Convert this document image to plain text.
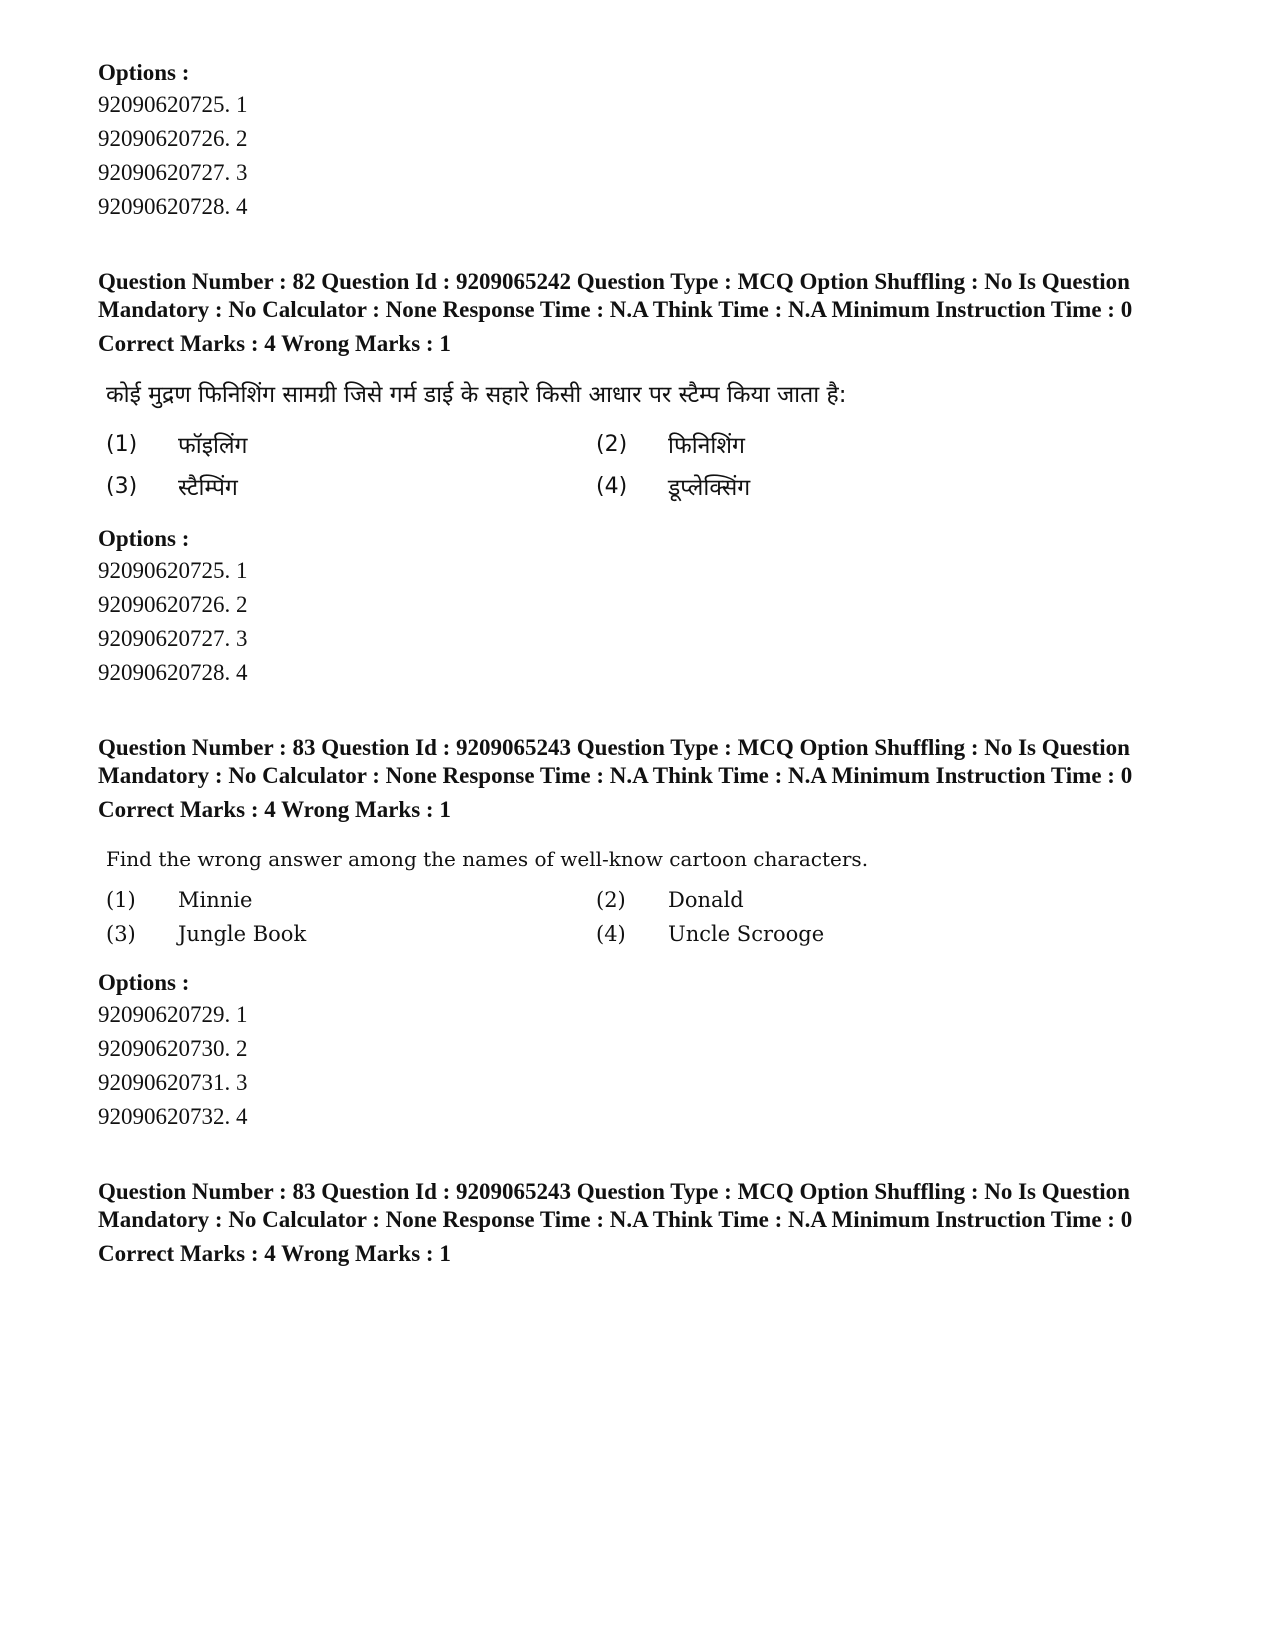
Options :

92090620725. 1

92090620726. 2

92090620727. 3

92090620728. 4

Question Number : 82 Question Id : 9209065242 Question Type : MCQ Option Shuffling : No Is Question Mandatory : No Calculator : None Response Time : N.A Think Time : N.A Minimum Instruction Time : 0

Correct Marks : 4 Wrong Marks : 1

कोई मुद्रण फिनिशिंग सामग्री जिसे गर्म डाई के सहारे किसी आधार पर स्टैम्प किया जाता है:

(1)	फॉइलिंग	(2)	फिनिशिंग
(3)	स्टैम्पिंग	(4)	डूप्लेक्सिंग

Options :

92090620725. 1

92090620726. 2

92090620727. 3

92090620728. 4

Question Number : 83 Question Id : 9209065243 Question Type : MCQ Option Shuffling : No Is Question Mandatory : No Calculator : None Response Time : N.A Think Time : N.A Minimum Instruction Time : 0

Correct Marks : 4 Wrong Marks : 1

Find the wrong answer among the names of well-know cartoon characters.

(1)	Minnie	(2)	Donald
(3)	Jungle Book	(4)	Uncle Scrooge

Options :

92090620729. 1

92090620730. 2

92090620731. 3

92090620732. 4

Question Number : 83 Question Id : 9209065243 Question Type : MCQ Option Shuffling : No Is Question Mandatory : No Calculator : None Response Time : N.A Think Time : N.A Minimum Instruction Time : 0

Correct Marks : 4 Wrong Marks : 1
